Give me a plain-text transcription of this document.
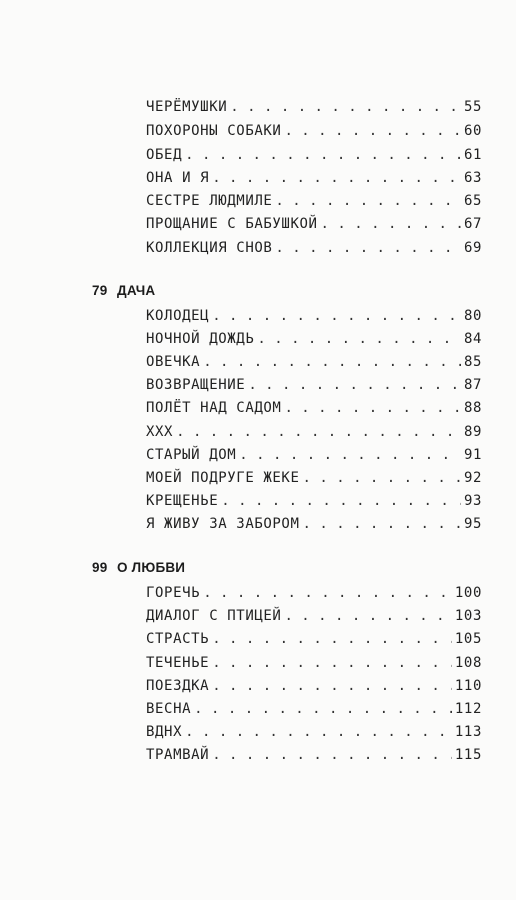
ЧЕРЁМУШКИ . . .	55
ПОХОРОНЫ СОБАКИ . . .	60
ОБЕД . . .	61
ОНА И Я . . .	63
СЕСТРЕ ЛЮДМИЛЕ . . .	65
ПРОЩАНИЕ С БАБУШКОЙ . . .	67
КОЛЛЕКЦИЯ СНОВ . . .	69
79 ДАЧА
КОЛОДЕЦ . . .	80
НОЧНОЙ ДОЖДЬ . . .	84
ОВЕЧКА . . .	85
ВОЗВРАЩЕНИЕ . . .	87
ПОЛЁТ НАД САДОМ . . .	88
XXX . . .	89
СТАРЫЙ ДОМ . . .	91
МОЕЙ ПОДРУГЕ ЖЕКЕ . . .	92
КРЕЩЕНЬЕ . . .	93
Я ЖИВУ ЗА ЗАБОРОМ . . .	95
99 О ЛЮБВИ
ГОРЕЧЬ . . .	100
ДИАЛОГ С ПТИЦЕЙ . . .	103
СТРАСТЬ . . .	105
ТЕЧЕНЬЕ . . .	108
ПОЕЗДКА . . .	110
ВЕСНА . . .	112
ВДНХ . . .	113
ТРАМВАЙ . . .	115
